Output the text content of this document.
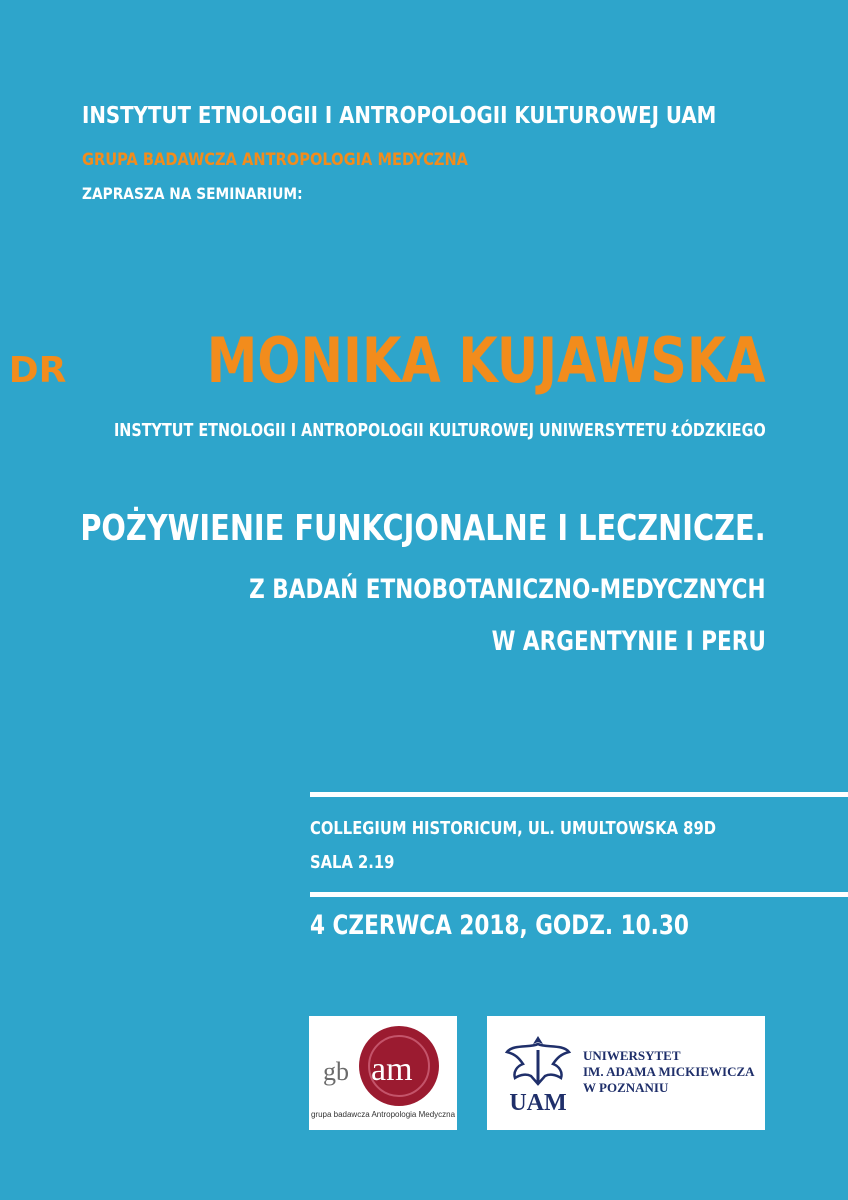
INSTYTUT ETNOLOGII I ANTROPOLOGII KULTUROWEJ UAM

GRUPA BADAWCZA ANTROPOLOGIA MEDYCZNA

ZAPRASZA NA SEMINARIUM:

DR MONIKA KUJAWSKA

INSTYTUT ETNOLOGII I ANTROPOLOGII KULTUROWEJ UNIWERSYTETU ŁÓDZKIEGO

POŻYWIENIE FUNKCJONALNE I LECZNICZE.

Z BADAŃ ETNOBOTANICZNO-MEDYCZNYCH

W ARGENTYNIE I PERU

COLLEGIUM HISTORICUM, UL. UMULTOWSKA 89D

SALA 2.19

4 CZERWCA 2018, GODZ. 10.30

gb am
grupa badawcza Antropologia Medyczna UAM
UNIWERSYTET
IM. ADAMA MICKIEWICZA
W POZNANIU
